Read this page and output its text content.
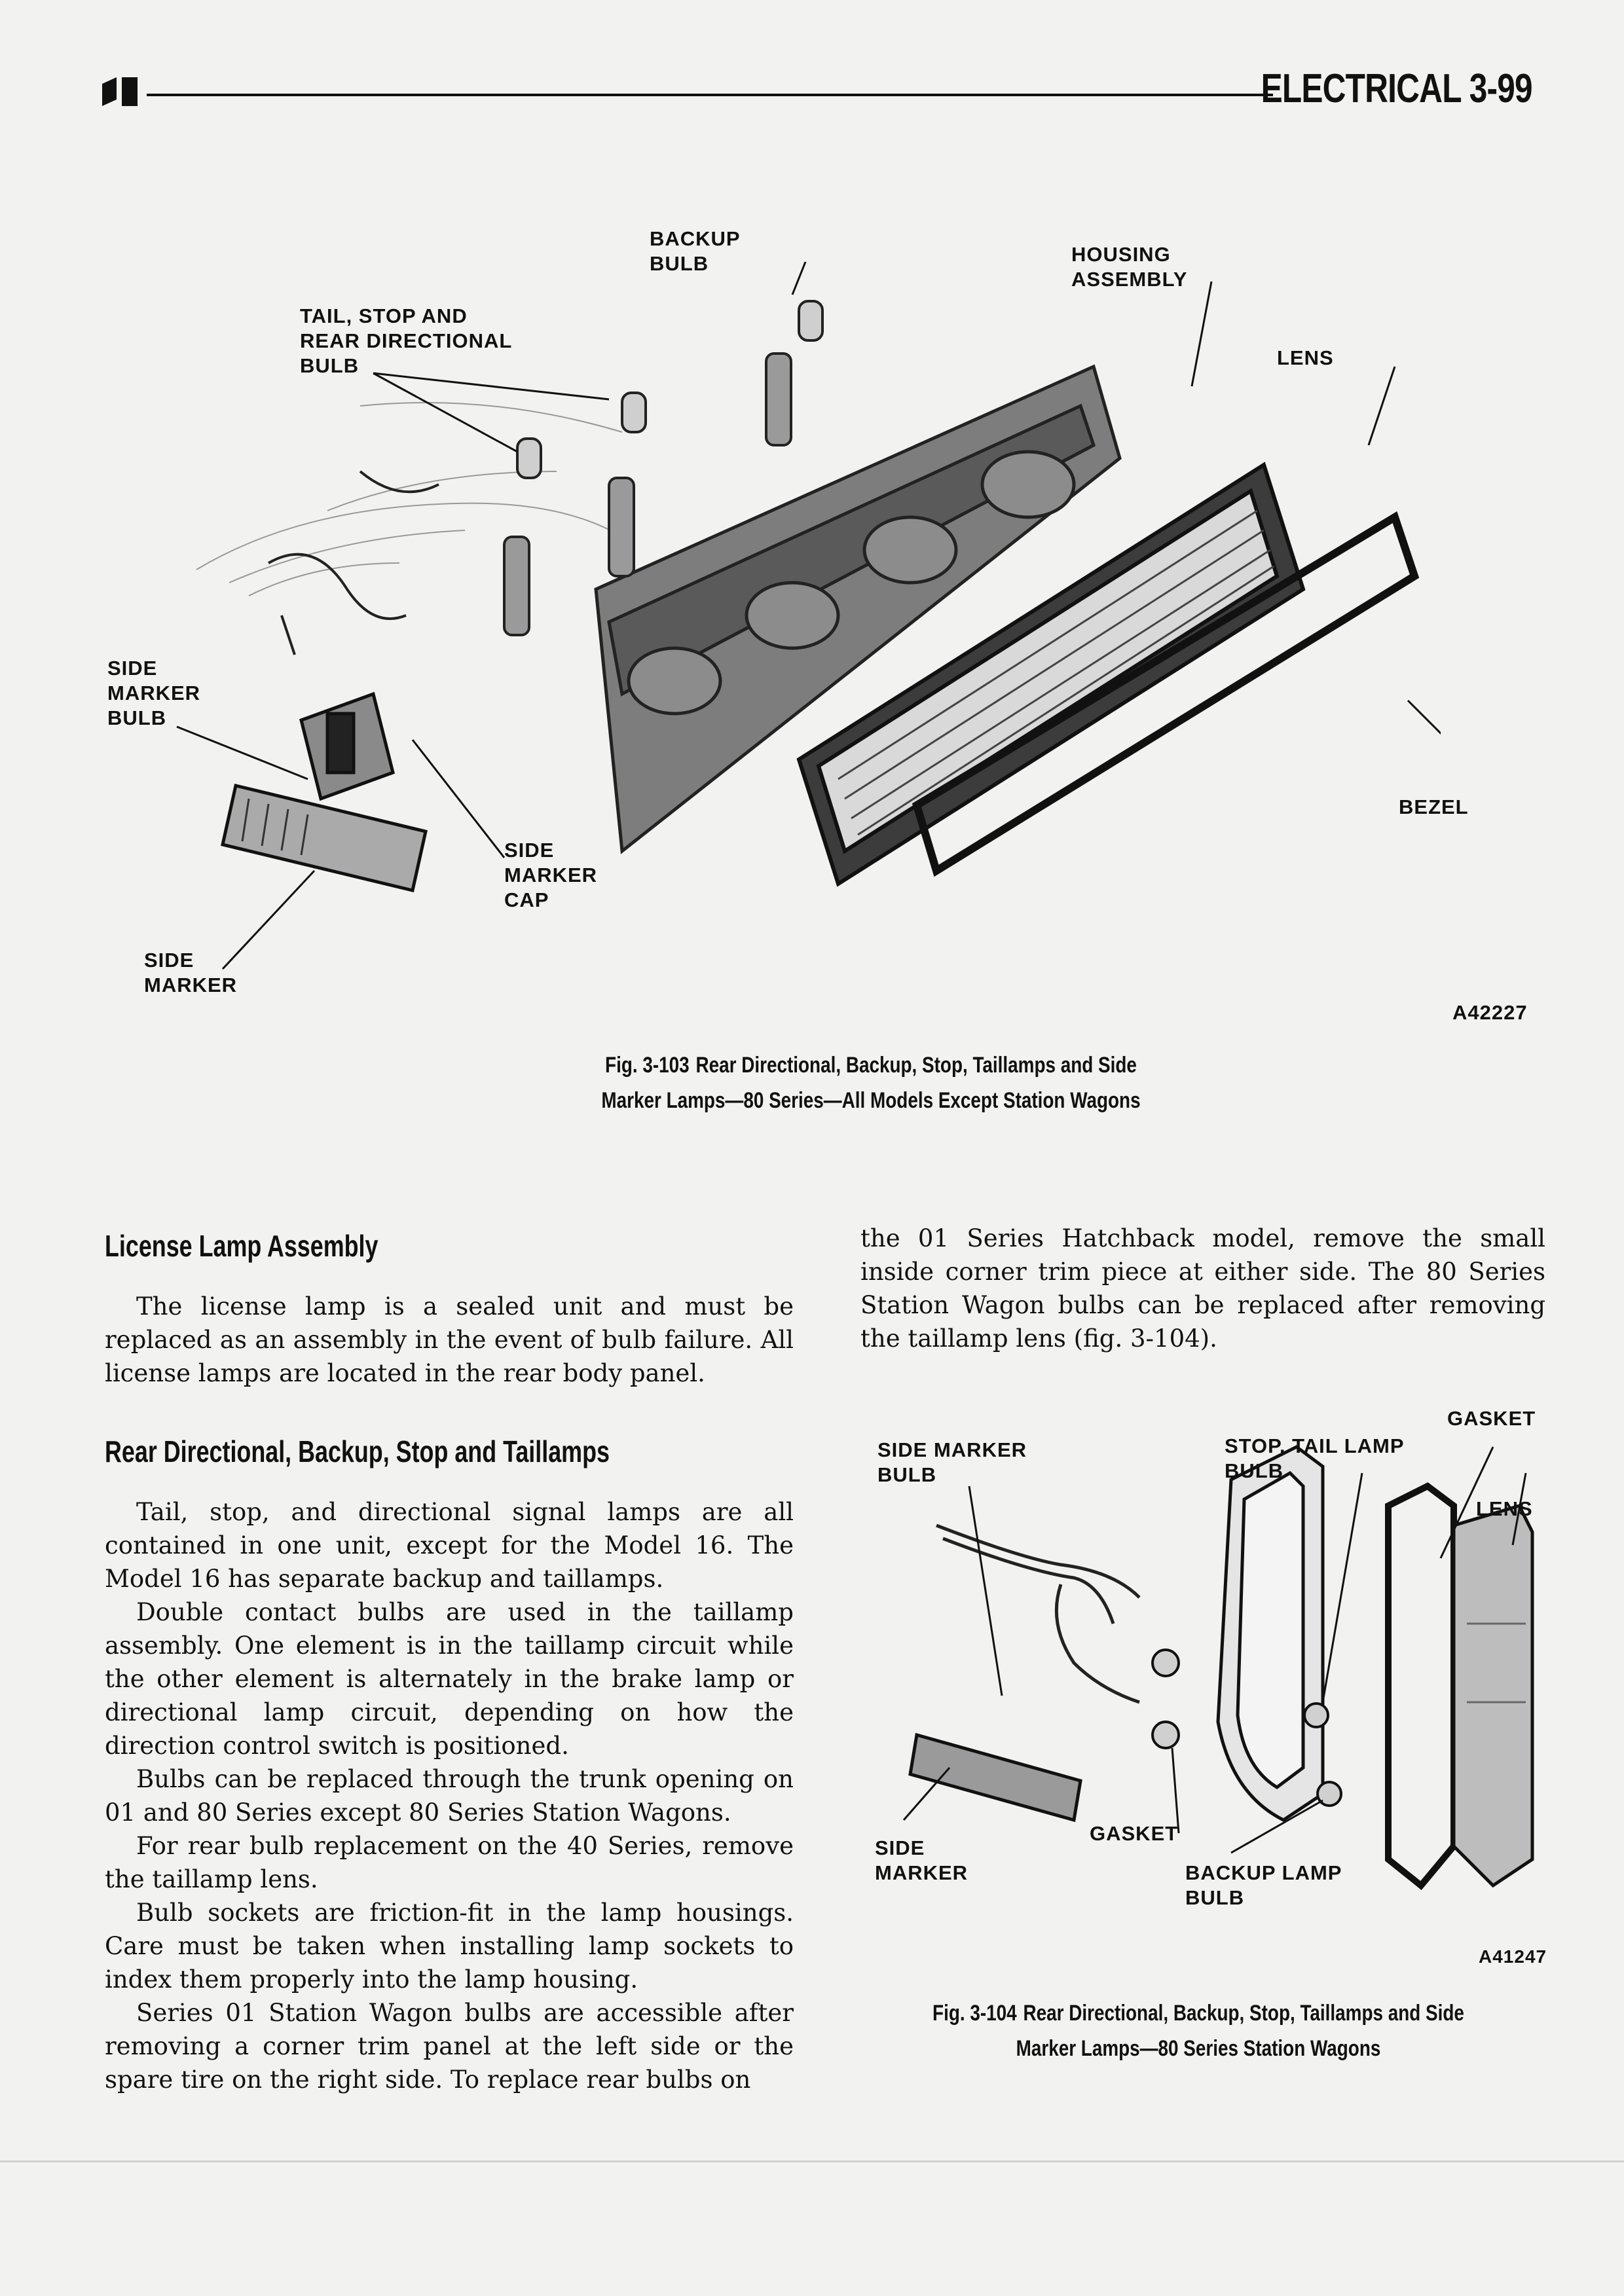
ELECTRICAL 3-99
BACKUP
BULB	HOUSING
ASSEMBLY
TAIL, STOP AND
REAR DIRECTIONAL
BULB	LENS
SIDE
MARKER
BULB
BEZEL
SIDE
MARKER
CAP
SIDE
MARKER
A42227
Fig. 3-103 Rear Directional, Backup, Stop, Taillamps and Side
Marker Lamps—80 Series—All Models Except Station Wagons
License Lamp Assembly

The license lamp is a sealed unit and must be replaced as an assembly in the event of bulb failure. All license lamps are located in the rear body panel.

Rear Directional, Backup, Stop and Taillamps

Tail, stop, and directional signal lamps are all contained in one unit, except for the Model 16. The Model 16 has separate backup and taillamps.

Double contact bulbs are used in the taillamp assembly. One element is in the taillamp circuit while the other element is alternately in the brake lamp or directional lamp circuit, depending on how the direction control switch is positioned.

Bulbs can be replaced through the trunk opening on 01 and 80 Series except 80 Series Station Wagons.

For rear bulb replacement on the 40 Series, remove the taillamp lens.

Bulb sockets are friction-fit in the lamp housings. Care must be taken when installing lamp sockets to index them properly into the lamp housing.

Series 01 Station Wagon bulbs are accessible after removing a corner trim panel at the left side or the spare tire on the right side. To replace rear bulbs on

the 01 Series Hatchback model, remove the small inside corner trim piece at either side. The 80 Series Station Wagon bulbs can be replaced after removing the taillamp lens (fig. 3-104).

GASKET
SIDE MARKER
BULB
STOP, TAIL LAMP
BULB
LENS
GASKET
SIDE
MARKER	BACKUP LAMP
BULB
A41247
Fig. 3-104 Rear Directional, Backup, Stop, Taillamps and Side
Marker Lamps—80 Series Station Wagons
